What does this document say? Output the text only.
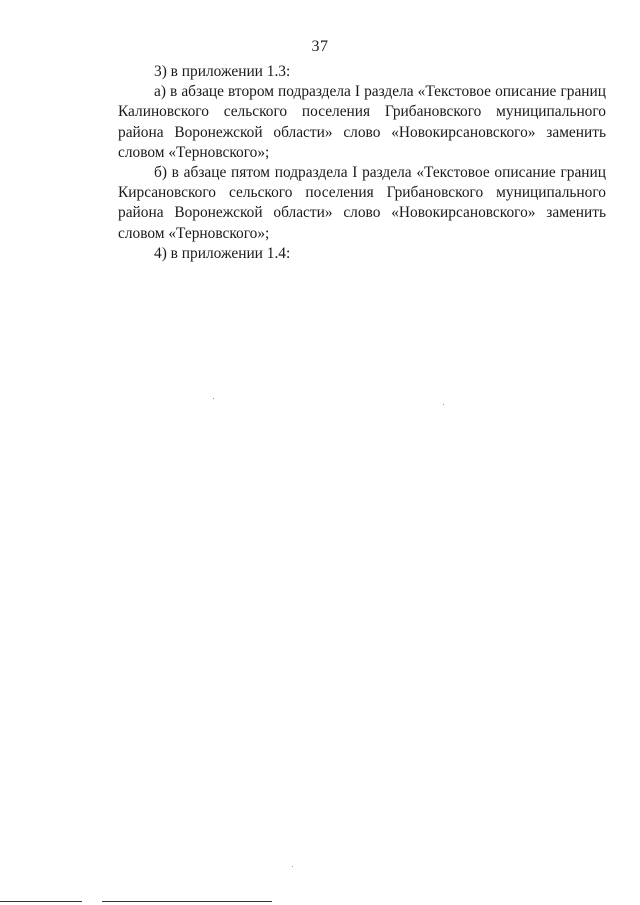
37

3) в приложении 1.3:

а) в абзаце втором подраздела I раздела «Текстовое описание границ Калиновского сельского поселения Грибановского муниципального района Воронежской области» слово «Новокирсановского» заменить словом «Терновского»;

б) в абзаце пятом подраздела I раздела «Текстовое описание границ Кирсановского сельского поселения Грибановского муниципального района Воронежской области» слово «Новокирсановского» заменить словом «Терновского»;

4) в приложении 1.4:
